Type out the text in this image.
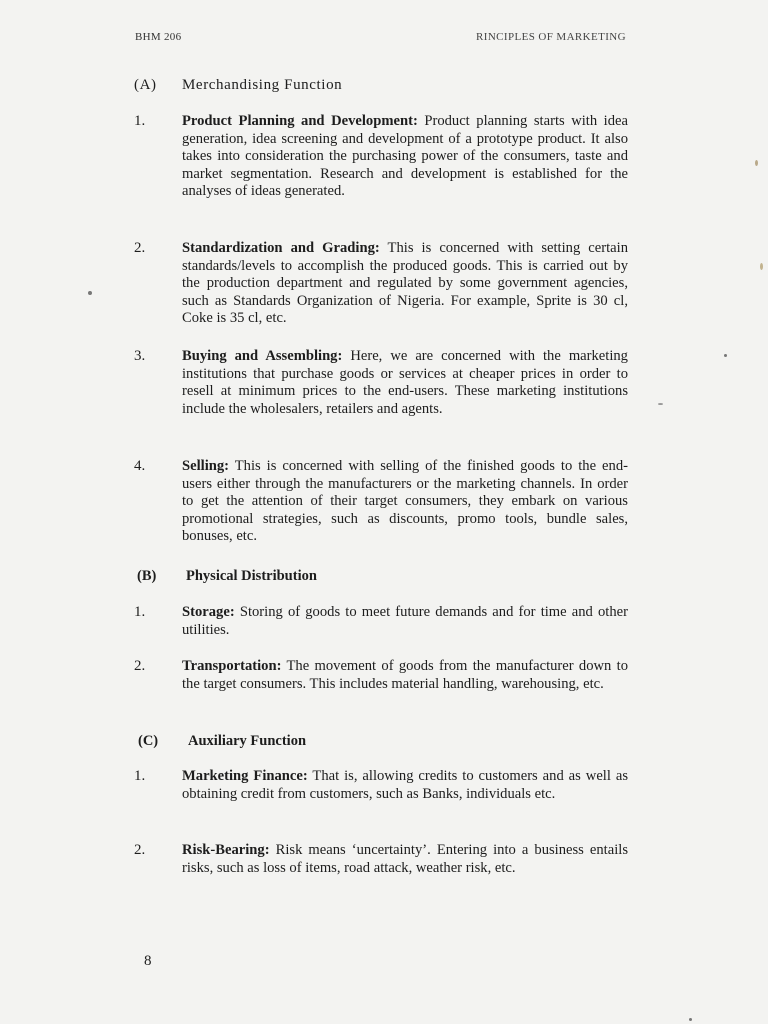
BHM 206	RINCIPLES OF MARKETING
(A) Merchandising Function
1.	Product Planning and Development: Product planning starts with idea generation, idea screening and development of a prototype product. It also takes into consideration the purchasing power of the consumers, taste and market segmentation. Research and development is established for the analyses of ideas generated.
2.	Standardization and Grading: This is concerned with setting certain standards/levels to accomplish the produced goods. This is carried out by the production department and regulated by some government agencies, such as Standards Organization of Nigeria. For example, Sprite is 30 cl, Coke is 35 cl, etc.
3.	Buying and Assembling: Here, we are concerned with the marketing institutions that purchase goods or services at cheaper prices in order to resell at minimum prices to the end-users. These marketing institutions include the wholesalers, retailers and agents.
4.	Selling: This is concerned with selling of the finished goods to the end-users either through the manufacturers or the marketing channels. In order to get the attention of their target consumers, they embark on various promotional strategies, such as discounts, promo tools, bundle sales, bonuses, etc.
(B) Physical Distribution
1.	Storage: Storing of goods to meet future demands and for time and other utilities.
2.	Transportation: The movement of goods from the manufacturer down to the target consumers. This includes material handling, warehousing, etc.
(C) Auxiliary Function
1.	Marketing Finance: That is, allowing credits to customers and as well as obtaining credit from customers, such as Banks, individuals etc.
2.	Risk-Bearing: Risk means ‘uncertainty’. Entering into a business entails risks, such as loss of items, road attack, weather risk, etc.
8
